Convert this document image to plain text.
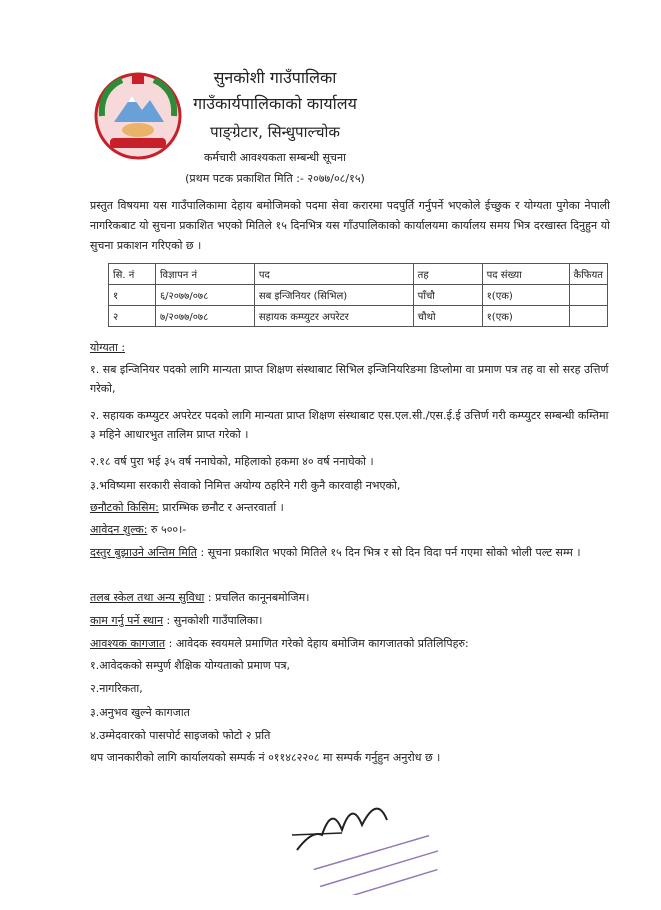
सुनकोशी गाउँपालिका
गाउँकार्यपालिकाको कार्यालय
पाङ्ग्रेटार, सिन्धुपाल्चोक
कर्मचारी आवश्यकता सम्बन्धी सूचना
(प्रथम पटक प्रकाशित मिति :- २०७७/०८/१५)
प्रस्तुत विषयमा यस गाउँपालिकामा देहाय बमोजिमको पदमा सेवा करारमा पदपुर्ति गर्नुपर्ने भएकोले ईच्छुक र योग्यता पुगेका नेपाली नागरिकबाट यो सुचना प्रकाशित भएको मितिले १५ दिनभित्र यस गाँउपालिकाको कार्यालयमा कार्यालय समय भित्र दरखास्त दिनुहुन यो सुचना प्रकाशन गरिएको छ ।
सि. नं	विज्ञापन नं	पद	तह	पद संख्या	कैफियत
१	६/२०७७/०७८	सब इन्जिनियर (सिभिल)	पाँचौ	१(एक)	
२	७/२०७७/०७८	सहायक कम्प्युटर अपरेटर	चौथो	१(एक)	
योग्यता :
१. सब इन्जिनियर पदको लागि मान्यता प्राप्त शिक्षण संस्थाबाट सिभिल इन्जिनियरिङमा डिप्लोमा वा प्रमाण पत्र तह वा सो सरह उत्तिर्ण गरेको,
२. सहायक कम्प्युटर अपरेटर पदको लागि मान्यता प्राप्त शिक्षण संस्थाबाट एस.एल.सी./एस.ई.ई उत्तिर्ण गरी कम्प्युटर सम्बन्धी कम्तिमा ३ महिने आधारभुत तालिम प्राप्त गरेको ।
२.१८ वर्ष पुरा भई ३५ वर्ष ननाघेको, महिलाको हकमा ४० वर्ष ननाघेको ।
३.भविष्यमा सरकारी सेवाको निमित्त अयोग्य ठहरिने गरी कुनै कारवाही नभएको,
छनौटको किसिम: प्रारम्भिक छनौट र अन्तरवार्ता ।
आवेदन शुल्क: रु ५००।-
दस्तुर बुझाउने अन्तिम मिति : सूचना प्रकाशित भएको मितिले १५ दिन भित्र र सो दिन विदा पर्न गएमा सोको भोली पल्ट सम्म ।
तलब स्केल तथा अन्य सुविधा : प्रचलित कानूनबमोजिम।
काम गर्नु पर्ने स्थान : सुनकोशी गाउँपालिका।
आवश्यक कागजात : आवेदक स्वयमले प्रमाणित गरेको देहाय बमोजिम कागजातको प्रतिलिपिहरु:
१.आवेदकको सम्पुर्ण शैक्षिक योग्यताको प्रमाण पत्र,
२.नागरिकता,
३.अनुभव खुल्ने कागजात
४.उम्मेदवारको पासपोर्ट साइजको फोटो २ प्रति
थप जानकारीको लागि कार्यालयको सम्पर्क नं ०११४८२२०८ मा सम्पर्क गर्नुहुन अनुरोध छ ।
